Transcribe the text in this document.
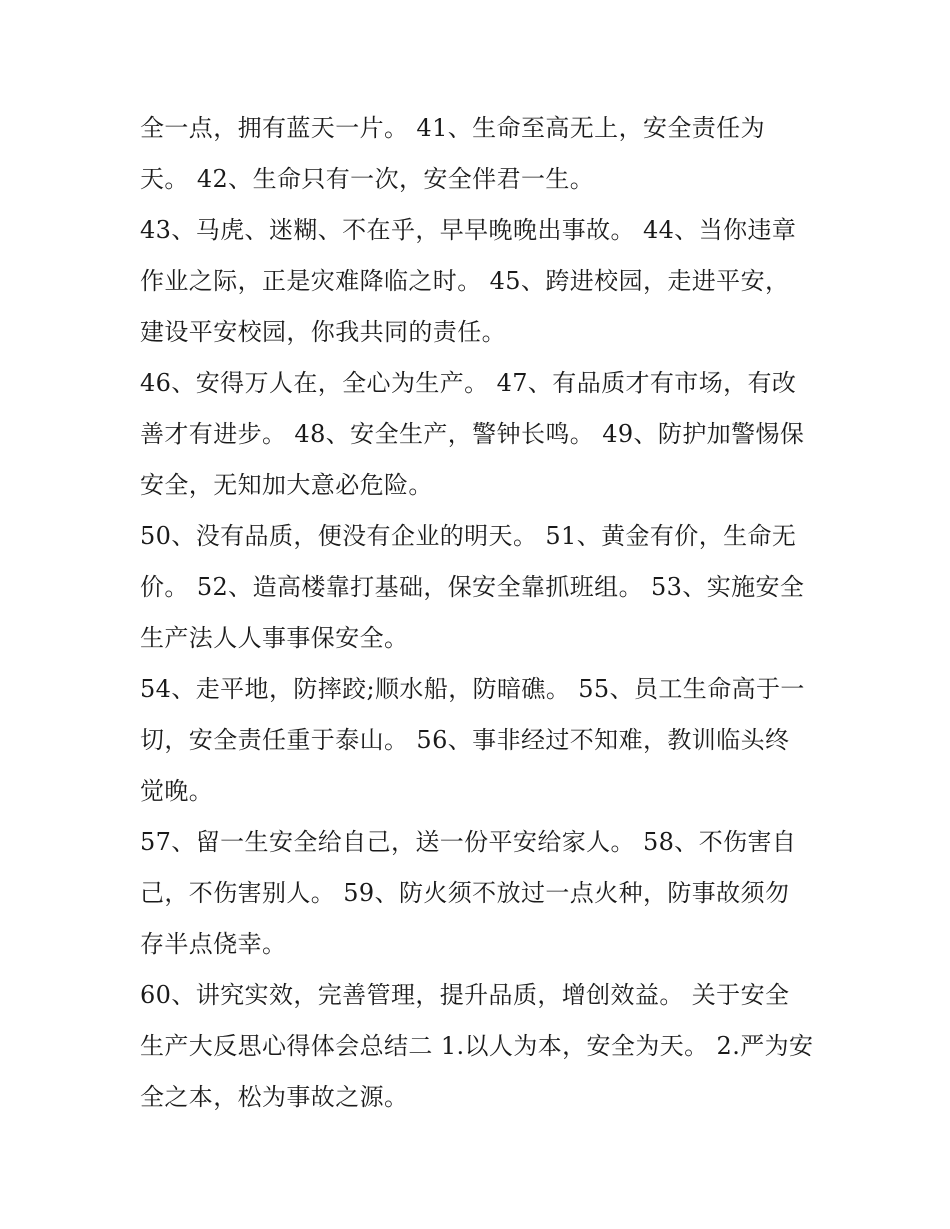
全一点，拥有蓝天一片。 41、生命至高无上，安全责任为
天。 42、生命只有一次，安全伴君一生。
43、马虎、迷糊、不在乎，早早晚晚出事故。 44、当你违章
作业之际，正是灾难降临之时。 45、跨进校园，走进平安，
建设平安校园，你我共同的责任。
46、安得万人在，全心为生产。 47、有品质才有市场，有改
善才有进步。 48、安全生产，警钟长鸣。 49、防护加警惕保
安全，无知加大意必危险。
50、没有品质，便没有企业的明天。 51、黄金有价，生命无
价。 52、造高楼靠打基础，保安全靠抓班组。 53、实施安全
生产法人人事事保安全。
54、走平地，防摔跤;顺水船，防暗礁。 55、员工生命高于一
切，安全责任重于泰山。 56、事非经过不知难，教训临头终
觉晚。
57、留一生安全给自己，送一份平安给家人。 58、不伤害自
己，不伤害别人。 59、防火须不放过一点火种，防事故须勿
存半点侥幸。
60、讲究实效，完善管理，提升品质，增创效益。 关于安全
生产大反思心得体会总结二 1.以人为本，安全为天。 2.严为安
全之本，松为事故之源。
